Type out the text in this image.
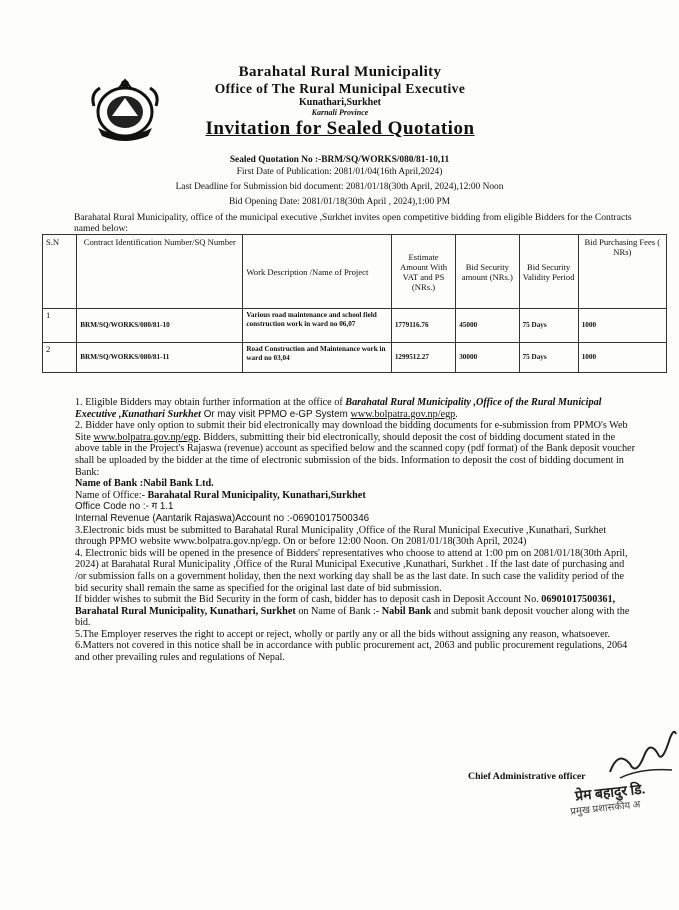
Barahatal Rural Municipality
Office of The Rural Municipal Executive
Kunathari,Surkhet
Karnali Province
Invitation for Sealed Quotation
Sealed Quotation No :-BRM/SQ/WORKS/080/81-10,11
First Date of Publication: 2081/01/04(16th April,2024)
Last Deadline for Submission bid document: 2081/01/18(30th April, 2024),12:00 Noon
Bid Opening Date: 2081/01/18(30th April , 2024),1:00 PM
Barahatal Rural Municipality, office of the municipal executive ,Surkhet invites open competitive bidding from eligible Bidders for the Contracts named below:
S.N	Contract Identification Number/SQ Number	Work Description /Name of Project	Estimate Amount With VAT and PS (NRs.)	Bid Security amount (NRs.)	Bid Security Validity Period	Bid Purchasing Fees ( NRs)
1	BRM/SQ/WORKS/080/81-10	Various road maintenance and school field construction work in ward no 06,07	1779116.76	45000	75 Days	1000
2	BRM/SQ/WORKS/080/81-11	Road Construction and Maintenance work in ward no 03,04	1299512.27	30000	75 Days	1000

1. Eligible Bidders may obtain further information at the office of Barahatal Rural Municipality ,Office of the Rural Municipal Executive ,Kunathari Surkhet Or may visit PPMO e-GP System www.bolpatra.gov.np/egp.

2. Bidder have only option to submit their bid electronically may download the bidding documents for e-submission from PPMO's Web Site www.bolpatra.gov.np/egp. Bidders, submitting their bid electronically, should deposit the cost of bidding document stated in the above table in the Project's Rajaswa (revenue) account as specified below and the scanned copy (pdf format) of the Bank deposit voucher shall be uploaded by the bidder at the time of electronic submission of the bids. Information to deposit the cost of bidding document in Bank:

Name of Bank :Nabil Bank Ltd.

Name of Office:- Barahatal Rural Municipality, Kunathari,Surkhet

Office Code no :- ग 1.1

Internal Revenue (Aantarik Rajaswa)Account no :-06901017500346

3.Electronic bids must be submitted to Barahatal Rural Municipality ,Office of the Rural Municipal Executive ,Kunathari, Surkhet through PPMO website www.bolpatra.gov.np/egp. On or before 12:00 Noon. On 2081/01/18(30th April, 2024)

4. Electronic bids will be opened in the presence of Bidders' representatives who choose to attend at 1:00 pm on 2081/01/18(30th April, 2024) at Barahatal Rural Municipality ,Office of the Rural Municipal Executive ,Kunathari, Surkhet . If the last date of purchasing and /or submission falls on a government holiday, then the next working day shall be as the last date. In such case the validity period of the bid security shall remain the same as specified for the original last date of bid submission.

If bidder wishes to submit the Bid Security in the form of cash, bidder has to deposit cash in Deposit Account No. 06901017500361, Barahatal Rural Municipality, Kunathari, Surkhet on Name of Bank :- Nabil Bank and submit bank deposit voucher along with the bid.

5.The Employer reserves the right to accept or reject, wholly or partly any or all the bids without assigning any reason, whatsoever.

6.Matters not covered in this notice shall be in accordance with public procurement act, 2063 and public procurement regulations, 2064 and other prevailing rules and regulations of Nepal.

Chief Administrative officer
प्रेम बहादुर डि.
प्रमुख प्रशासकीय अ
